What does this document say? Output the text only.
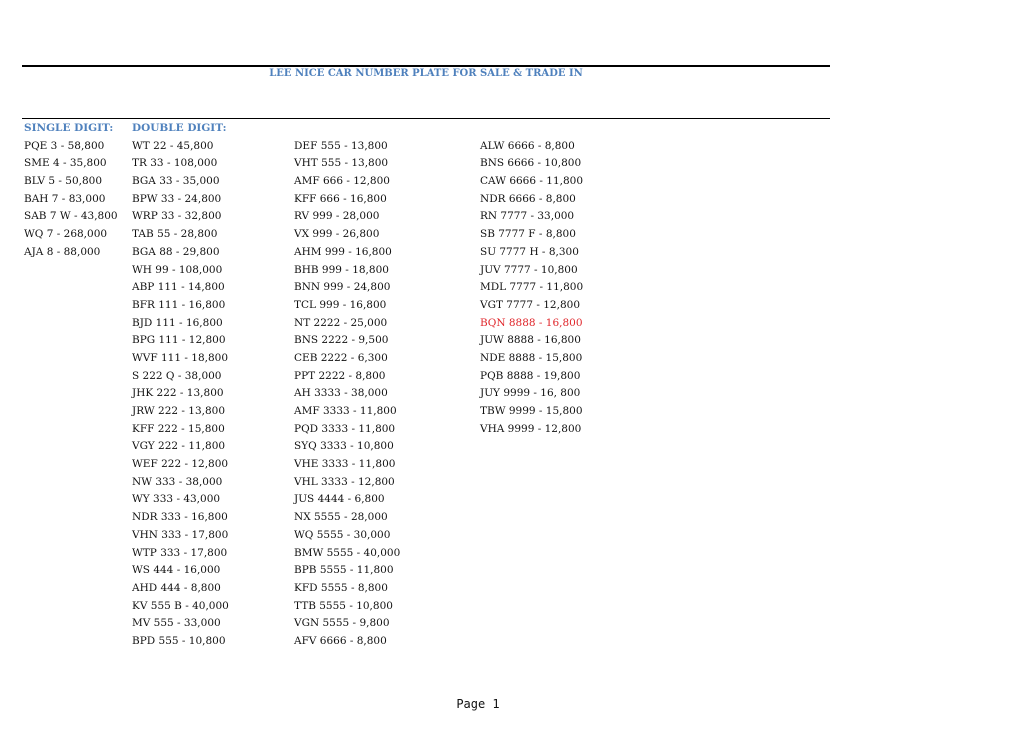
LEE NICE CAR NUMBER PLATE FOR SALE & TRADE IN
SINGLE DIGIT:
PQE 3 - 58,800
SME 4 - 35,800
BLV 5 - 50,800
BAH 7 - 83,000
SAB 7 W - 43,800
WQ 7 - 268,000
AJA 8 - 88,000
DOUBLE DIGIT:
WT 22 - 45,800
TR 33 - 108,000
BGA 33 - 35,000
BPW 33 - 24,800
WRP 33 - 32,800
TAB 55 - 28,800
BGA 88 - 29,800
WH 99 - 108,000
ABP 111 - 14,800
BFR 111 - 16,800
BJD 111 - 16,800
BPG 111 - 12,800
WVF 111 - 18,800
S 222 Q - 38,000
JHK 222 - 13,800
JRW 222 - 13,800
KFF 222 - 15,800
VGY 222 - 11,800
WEF 222 - 12,800
NW 333 - 38,000
WY 333 - 43,000
NDR 333 - 16,800
VHN 333 - 17,800
WTP 333 - 17,800
WS 444 - 16,000
AHD 444 - 8,800
KV 555 B - 40,000
MV 555 - 33,000
BPD 555 - 10,800
DEF 555 - 13,800
VHT 555 - 13,800
AMF 666 - 12,800
KFF 666 - 16,800
RV 999 - 28,000
VX 999 - 26,800
AHM 999 - 16,800
BHB 999 - 18,800
BNN 999 - 24,800
TCL 999 - 16,800
NT 2222 - 25,000
BNS 2222 - 9,500
CEB 2222 - 6,300
PPT 2222 - 8,800
AH 3333 - 38,000
AMF 3333 - 11,800
PQD 3333 - 11,800
SYQ 3333 - 10,800
VHE 3333 - 11,800
VHL 3333 - 12,800
JUS 4444 - 6,800
NX 5555 - 28,000
WQ 5555 - 30,000
BMW 5555 - 40,000
BPB 5555 - 11,800
KFD 5555 - 8,800
TTB 5555 - 10,800
VGN 5555 - 9,800
AFV 6666 - 8,800
ALW 6666 - 8,800
BNS 6666 - 10,800
CAW 6666 - 11,800
NDR 6666 - 8,800
RN 7777 - 33,000
SB 7777 F - 8,800
SU 7777 H - 8,300
JUV 7777 - 10,800
MDL 7777 - 11,800
VGT 7777 - 12,800
BQN 8888 - 16,800
JUW 8888 - 16,800
NDE 8888 - 15,800
PQB 8888 - 19,800
JUY 9999 - 16, 800
TBW 9999 - 15,800
VHA 9999 - 12,800
Page 1
